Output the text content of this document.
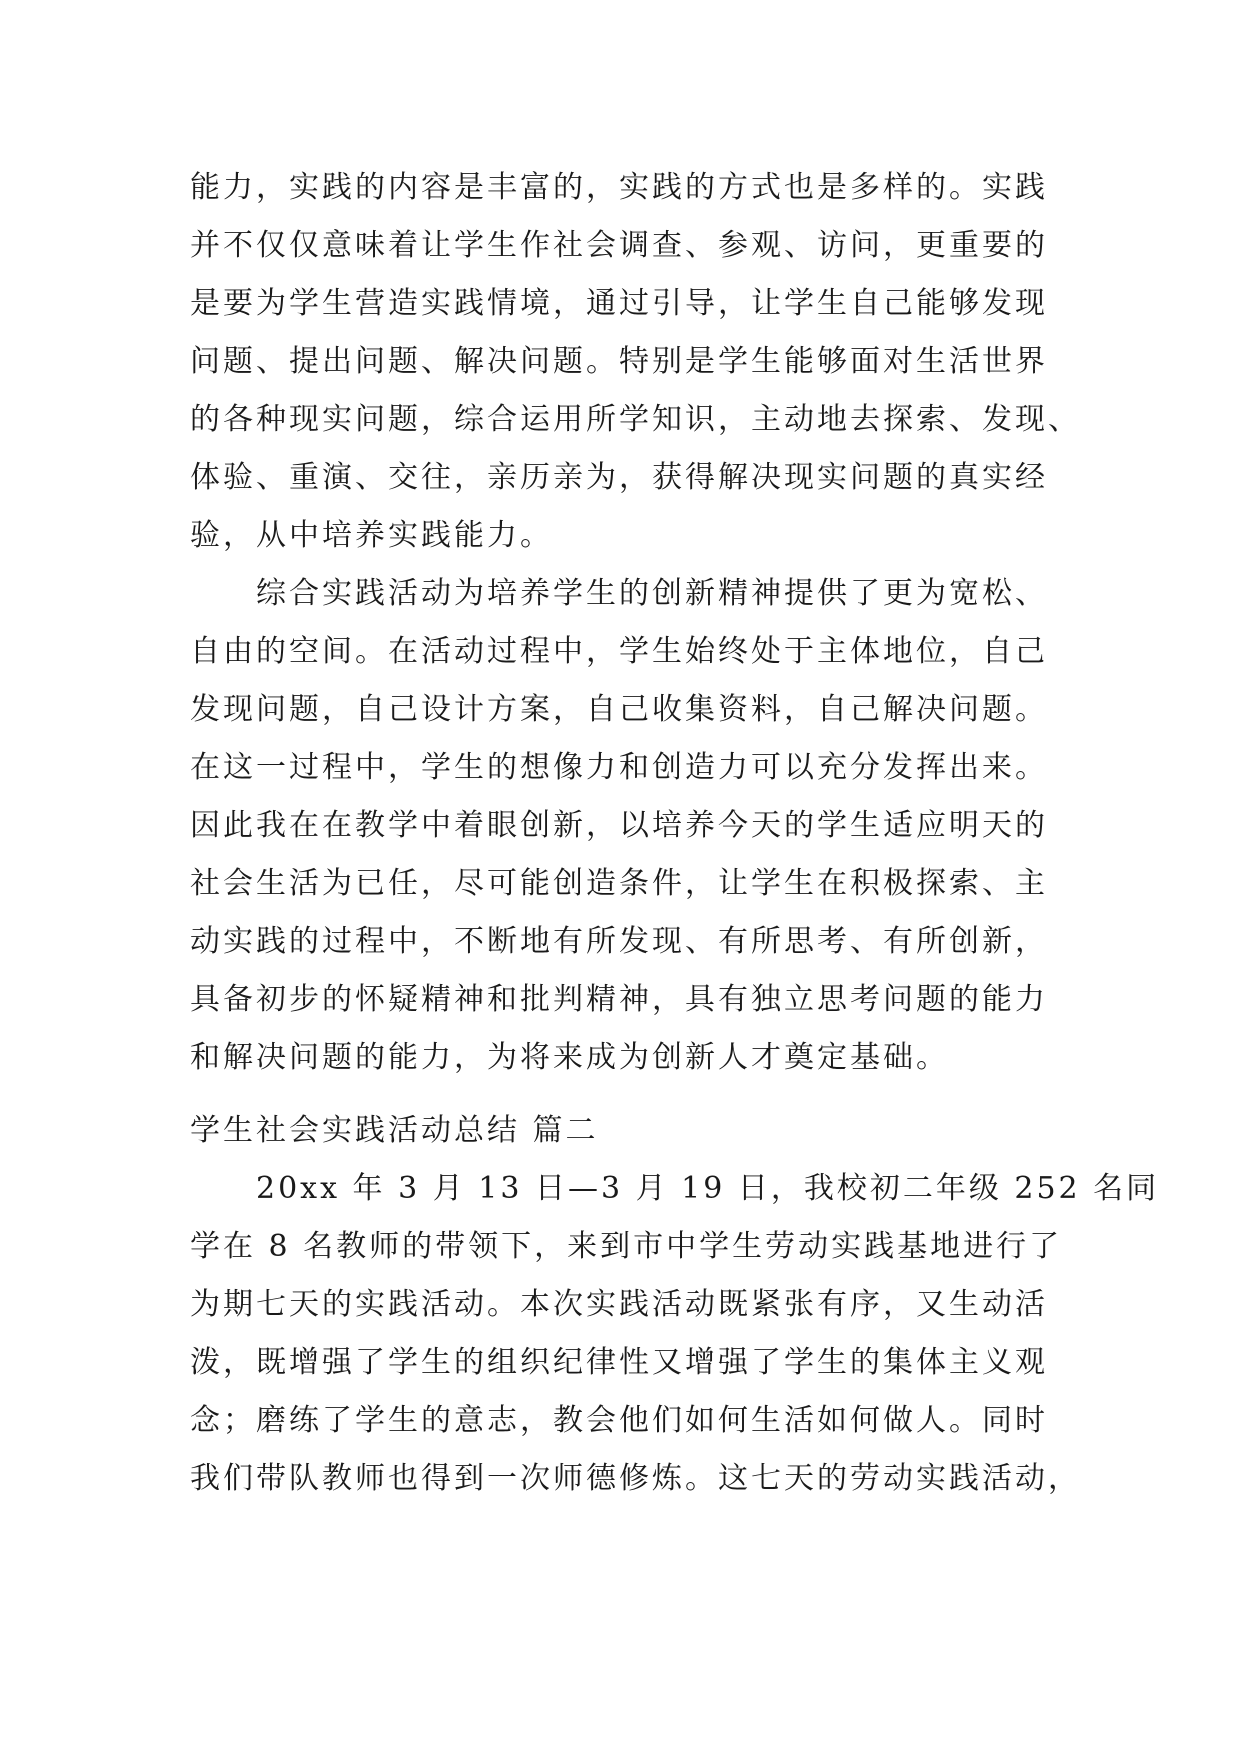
能力，实践的内容是丰富的，实践的方式也是多样的。实践
并不仅仅意味着让学生作社会调查、参观、访问，更重要的
是要为学生营造实践情境，通过引导，让学生自己能够发现
问题、提出问题、解决问题。特别是学生能够面对生活世界
的各种现实问题，综合运用所学知识，主动地去探索、发现、
体验、重演、交往，亲历亲为，获得解决现实问题的真实经
验，从中培养实践能力。
综合实践活动为培养学生的创新精神提供了更为宽松、
自由的空间。在活动过程中，学生始终处于主体地位，自己
发现问题，自己设计方案，自己收集资料，自己解决问题。
在这一过程中，学生的想像力和创造力可以充分发挥出来。
因此我在在教学中着眼创新，以培养今天的学生适应明天的
社会生活为已任，尽可能创造条件，让学生在积极探索、主
动实践的过程中，不断地有所发现、有所思考、有所创新，
具备初步的怀疑精神和批判精神，具有独立思考问题的能力
和解决问题的能力，为将来成为创新人才奠定基础。
学生社会实践活动总结 篇二
20xx 年 3 月 13 日—3 月 19 日，我校初二年级 252 名同
学在 8 名教师的带领下，来到市中学生劳动实践基地进行了
为期七天的实践活动。本次实践活动既紧张有序，又生动活
泼，既增强了学生的组织纪律性又增强了学生的集体主义观
念；磨练了学生的意志，教会他们如何生活如何做人。同时
我们带队教师也得到一次师德修炼。这七天的劳动实践活动，
